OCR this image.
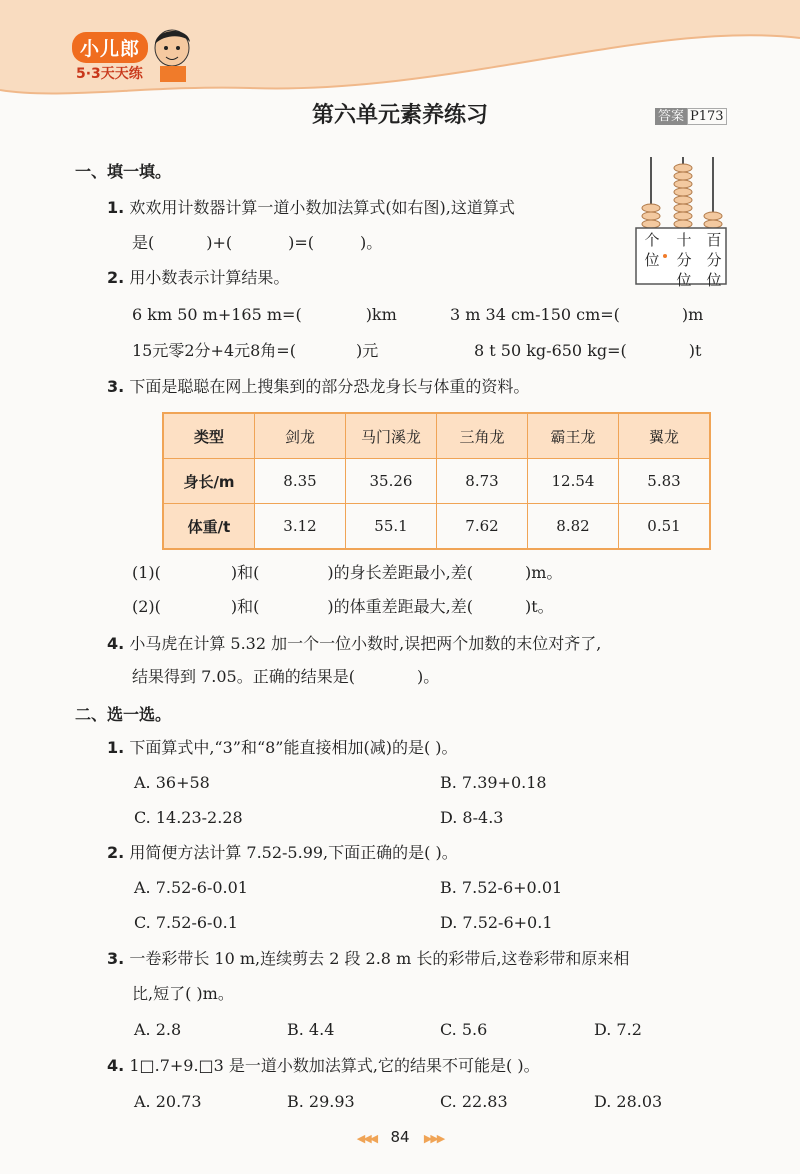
小儿郎
5·3天天练
第六单元素养练习	答案 P173
个位
十分位
百分位
一、填一填。
1. 欢欢用计数器计算一道小数加法算式(如右图),这道算式
是(	)+(	)=(	)。
2. 用小数表示计算结果。
6 km 50 m+165 m=(	)km	3 m 34 cm-150 cm=(	)m
15元零2分+4元8角=(	)元	8 t 50 kg-650 kg=(	)t
3. 下面是聪聪在网上搜集到的部分恐龙身长与体重的资料。
类型	剑龙	马门溪龙	三角龙	霸王龙	翼龙
身长/m	8.35	35.26	8.73	12.54	5.83
体重/t	3.12	55.1	7.62	8.82	0.51
(1)(	)和(	)的身长差距最小,差(	)m。
(2)(	)和(	)的体重差距最大,差(	)t。
4. 小马虎在计算 5.32 加一个一位小数时,误把两个加数的末位对齐了,
结果得到 7.05。正确的结果是(	)。
二、选一选。
1. 下面算式中,“3”和“8”能直接相加(减)的是( )。
A. 36+58	B. 7.39+0.18
C. 14.23-2.28	D. 8-4.3
2. 用简便方法计算 7.52-5.99,下面正确的是( )。
A. 7.52-6-0.01	B. 7.52-6+0.01
C. 7.52-6-0.1	D. 7.52-6+0.1
3. 一卷彩带长 10 m,连续剪去 2 段 2.8 m 长的彩带后,这卷彩带和原来相
比,短了( )m。
A. 2.8	B. 4.4	C. 5.6	D. 7.2
4. 1□.7+9.□3 是一道小数加法算式,它的结果不可能是( )。
A. 20.73	B. 29.93	C. 22.83	D. 28.03
◀◀◀ 84 ▶▶▶
